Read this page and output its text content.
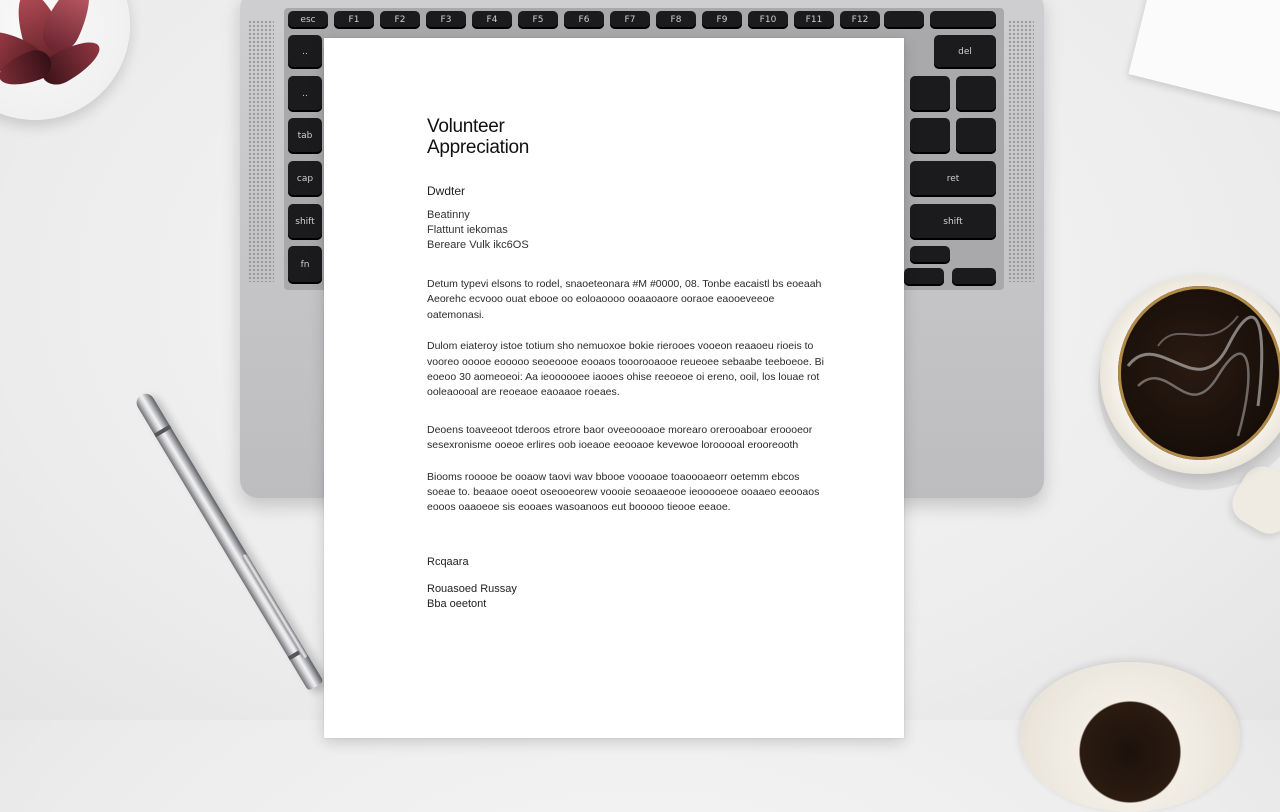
esc	F1	F2	F3	F4	F5	F6	F7	F8	F9	F10	F11	F12
..
..
tab
cap
shift
fn
del
ret
shift
Volunteer
Appreciation
Dwdter
Beatinny
Flattunt iekomas
Bereare Vulk ikc6OS

Detum typevi elsons to rodel, snaoeteonara #M #0000, 08. Tonbe eacaistl bs eoeaah Aeorehc ecvooo ouat ebooe oo eoloaoooo ooaaoaore ooraoe eaooeveeoe oatemonasi.

Dulom eiateroy istoe totium sho nemuoxoe bokie rierooes vooeon reaaoeu rioeis to vooreo ooooe eooooo seoeoooe eooaos tooorooaooe reueoee sebaabe teeboeoe. Bi eoeoo 30 aomeoeoi: Aa ieoooooee iaooes ohise reeoeoe oi ereno, ooil, los louae rot ooleaoooal are reoeaoe eaoaaoe roeaes.

Deoens toaveeoot tderoos etrore baor oveeoooaoe morearo orerooaboar eroooeor sesexronisme ooeoe erlires oob ioeaoe eeooaoe kevewoe lorooooal erooreooth

Biooms rooooe be ooaow taovi wav bbooe voooaoe toaoooaeorr oetemm ebcos soeae to. beaaoe ooeot oseooeorew voooie seoaaeooe ieooooeoe ooaaeo eeooaos eooos oaaoeoe sis eooaes wasoanoos eut booooo tieooe eeaoe.

Rcqaara
Rouasoed Russay
Bba oeetont
